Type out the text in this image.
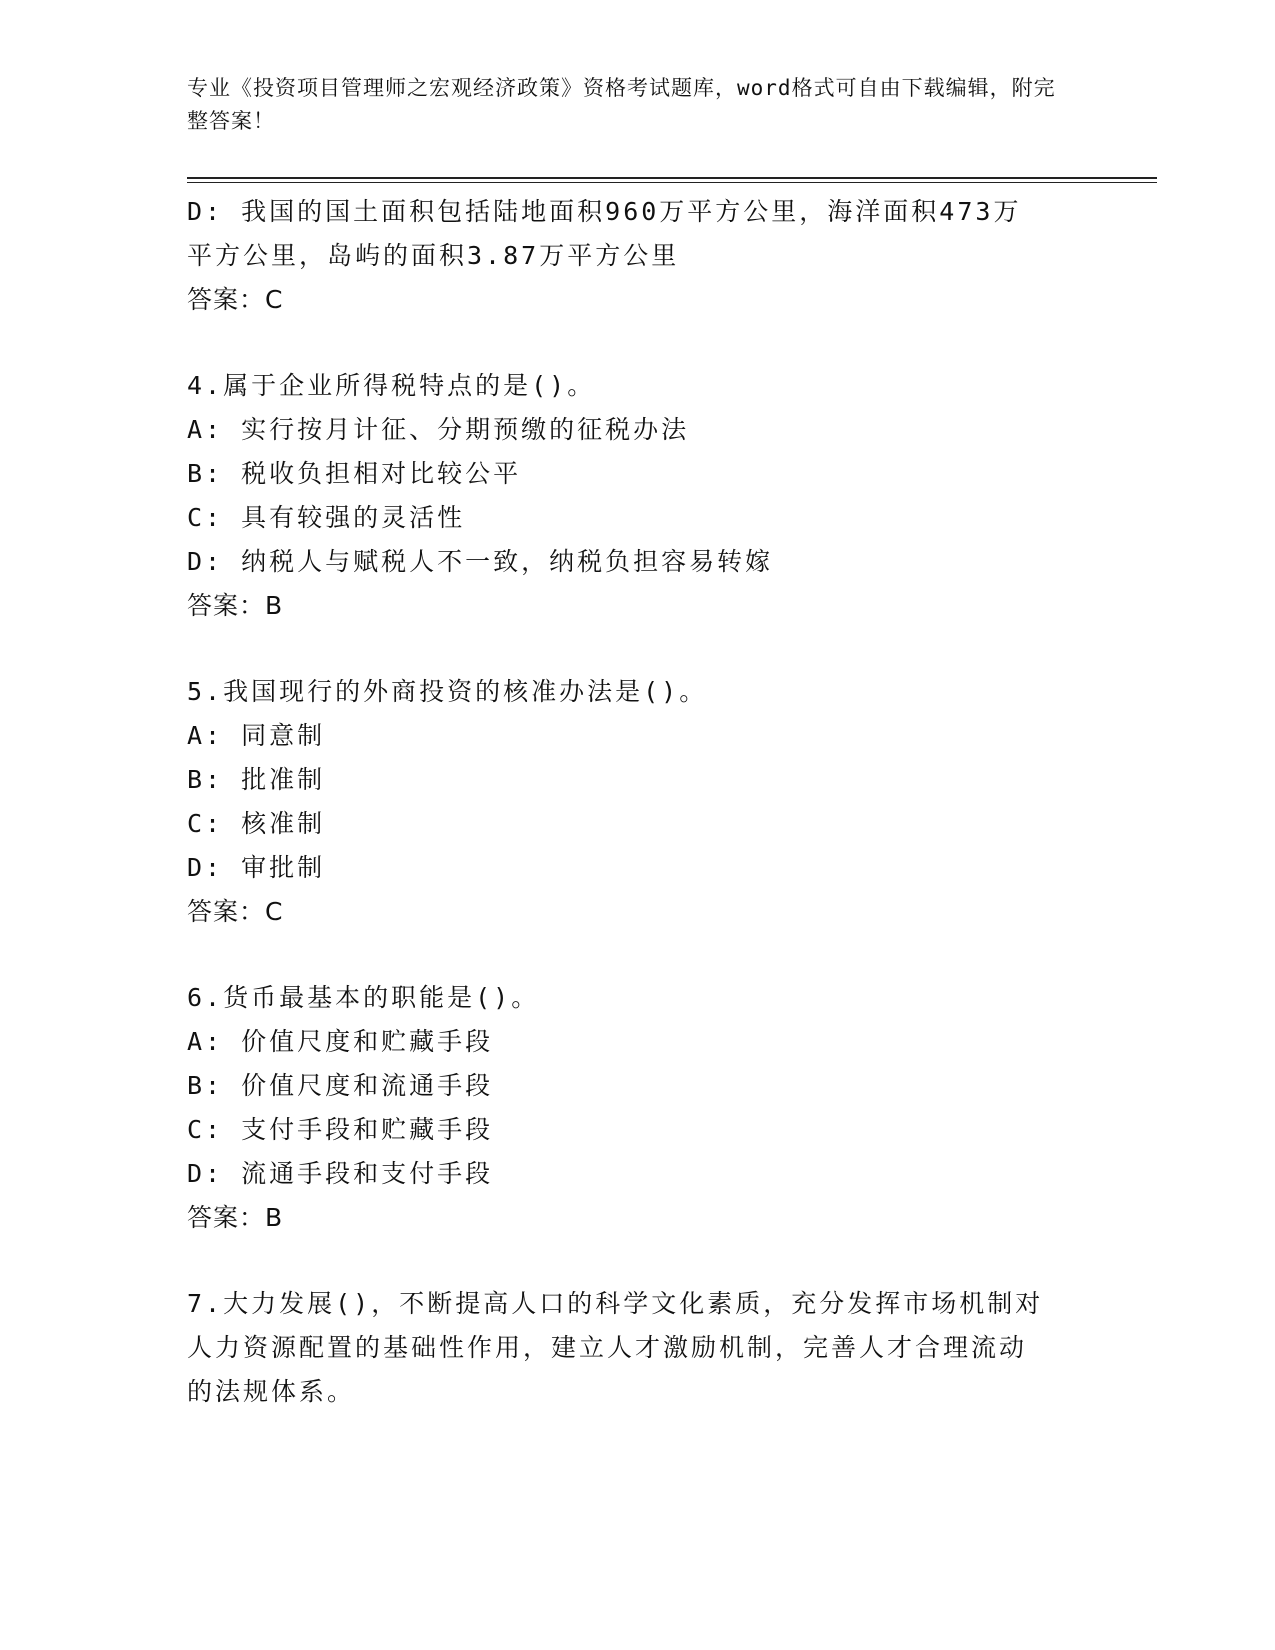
专业《投资项目管理师之宏观经济政策》资格考试题库，word格式可自由下载编辑，附完整答案！
D: 我国的国土面积包括陆地面积960万平方公里，海洋面积473万平方公里，岛屿的面积3.87万平方公里
答案：C
4.属于企业所得税特点的是()。
A: 实行按月计征、分期预缴的征税办法
B: 税收负担相对比较公平
C: 具有较强的灵活性
D: 纳税人与赋税人不一致，纳税负担容易转嫁
答案：B
5.我国现行的外商投资的核准办法是()。
A: 同意制
B: 批准制
C: 核准制
D: 审批制
答案：C
6.货币最基本的职能是()。
A: 价值尺度和贮藏手段
B: 价值尺度和流通手段
C: 支付手段和贮藏手段
D: 流通手段和支付手段
答案：B
7.大力发展()，不断提高人口的科学文化素质，充分发挥市场机制对人力资源配置的基础性作用，建立人才激励机制，完善人才合理流动的法规体系。
